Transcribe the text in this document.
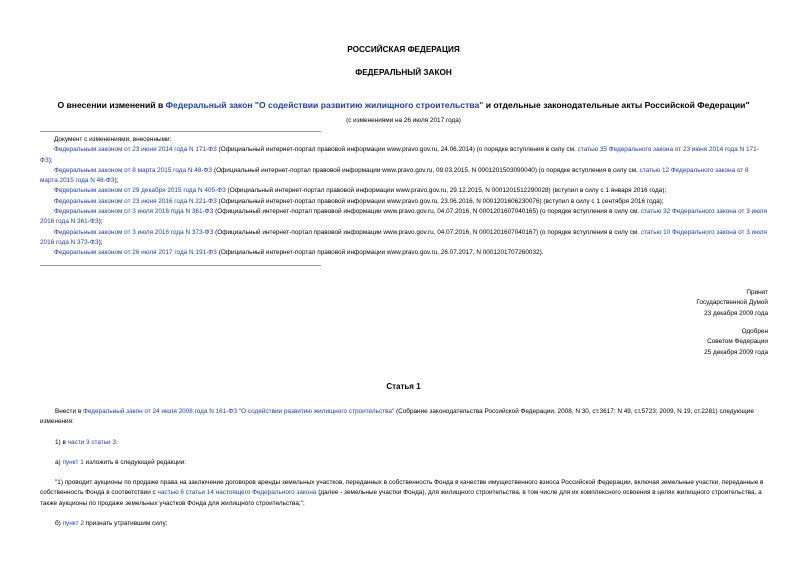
РОССИЙСКАЯ ФЕДЕРАЦИЯ
ФЕДЕРАЛЬНЫЙ ЗАКОН
О внесении изменений в Федеральный закон "О содействии развитию жилищного строительства" и отдельные законодательные акты Российской Федерации"
(с изменениями на 26 июля 2017 года)

Документ с изменениями, внесенными:

Федеральным законом от 23 июня 2014 года N 171-ФЗ (Официальный интернет-портал правовой информации www.pravo.gov.ru, 24.06.2014) (о порядке вступления в силу см. статью 35 Федерального закона от 23 июня 2014 года N 171-ФЗ);

Федеральным законом от 8 марта 2015 года N 48-ФЗ (Официальный интернет-портал правовой информации www.pravo.gov.ru, 09.03.2015, N 0001201503090040) (о порядке вступления в силу см. статью 12 Федерального закона от 8 марта 2015 года N 48-ФЗ);

Федеральным законом от 29 декабря 2015 года N 405-ФЗ (Официальный интернет-портал правовой информации www.pravo.gov.ru, 29.12.2015, N 0001201512290028) (вступил в силу с 1 января 2016 года);

Федеральным законом от 23 июня 2016 года N 221-ФЗ (Официальный интернет-портал правовой информации www.pravo.gov.ru, 23.06.2016, N 0001201606230076) (вступил в силу с 1 сентября 2016 года);

Федеральным законом от 3 июля 2016 года N 361-ФЗ (Официальный интернет-портал правовой информации www.pravo.gov.ru, 04.07.2016, N 0001201607040165) (о порядке вступления в силу см. статью 32 Федерального закона от 3 июля 2016 года N 361-ФЗ);

Федеральным законом от 3 июля 2016 года N 373-ФЗ (Официальный интернет-портал правовой информации www.pravo.gov.ru, 04.07.2016, N 0001201607040167) (о порядке вступления в силу см. статью 10 Федерального закона от 3 июля 2016 года N 373-ФЗ);

Федеральным законом от 26 июля 2017 года N 191-ФЗ (Официальный интернет-портал правовой информации www.pravo.gov.ru, 26.07.2017, N 0001201707260032).

Принят
Государственной Думой
23 декабря 2009 года
Одобрен
Советом Федерации
25 декабря 2009 года
Статья 1

Внести в Федеральный закон от 24 июля 2008 года N 161-ФЗ "О содействии развитию жилищного строительства" (Собрание законодательства Российской Федерации, 2008, N 30, ст.3617; N 49, ст.5723; 2009, N 19, ст.2281) следующие изменения:

1) в части 3 статьи 3:

а) пункт 1 изложить в следующей редакции:

"1) проводит аукционы по продаже права на заключение договоров аренды земельных участков, переданных в собственность Фонда в качестве имущественного взноса Российской Федерации, включая земельные участки, переданные в собственность Фонда в соответствии с частью 6 статьи 14 настоящего Федерального закона (далее - земельные участки Фонда), для жилищного строительства, в том числе для их комплексного освоения в целях жилищного строительства, а также аукционы по продаже земельных участков Фонда для жилищного строительства;";

б) пункт 2 признать утратившим силу;
